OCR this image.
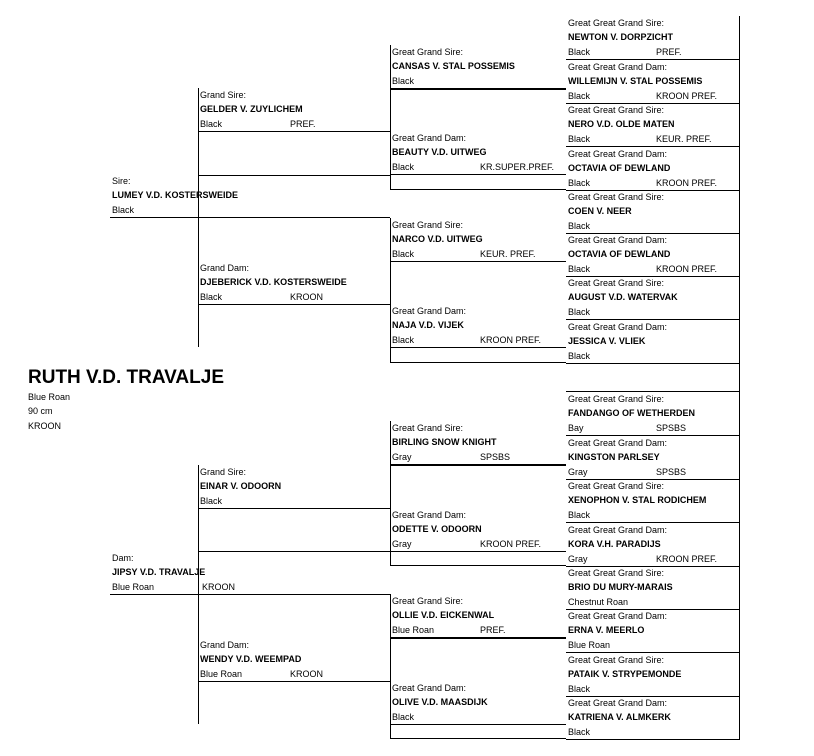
RUTH V.D. TRAVALJE
Blue Roan
90 cm
KROON
Great Great Grand Sire:
NEWTON V. DORPZICHT
Black	PREF.
Great Great Grand Dam:
WILLEMIJN V. STAL POSSEMIS
Black	KROON PREF.
Great Great Grand Sire:
NERO V.D. OLDE MATEN
Black	KEUR. PREF.
Great Great Grand Dam:
OCTAVIA OF DEWLAND
Black	KROON PREF.
Great Great Grand Sire:
COEN V. NEER
Black
Great Great Grand Dam:
OCTAVIA OF DEWLAND
Black	KROON PREF.
Great Great Grand Sire:
AUGUST V.D. WATERVAK
Black
Great Great Grand Dam:
JESSICA V. VLIEK
Black
Great Great Grand Sire:
FANDANGO OF WETHERDEN
Bay	SPSBS
Great Great Grand Dam:
KINGSTON PARLSEY
Gray	SPSBS
Great Great Grand Sire:
XENOPHON V. STAL RODICHEM
Black
Great Great Grand Dam:
KORA V.H. PARADIJS
Gray	KROON PREF.
Great Great Grand Sire:
BRIO DU MURY-MARAIS
Chestnut Roan
Great Great Grand Dam:
ERNA V. MEERLO
Blue Roan
Great Great Grand Sire:
PATAIK V. STRYPEMONDE
Black
Great Great Grand Dam:
KATRIENA V. ALMKERK
Black
Great Grand Sire:
CANSAS V. STAL POSSEMIS
Black
Great Grand Dam:
BEAUTY V.D. UITWEG
Black	KR.SUPER.PREF.
Great Grand Sire:
NARCO V.D. UITWEG
Black	KEUR. PREF.
Great Grand Dam:
NAJA V.D. VIJEK
Black	KROON PREF.
Great Grand Sire:
BIRLING SNOW KNIGHT
Gray	SPSBS
Great Grand Dam:
ODETTE V. ODOORN
Gray	KROON PREF.
Great Grand Sire:
OLLIE V.D. EICKENWAL
Blue Roan	PREF.
Great Grand Dam:
OLIVE V.D. MAASDIJK
Black
Grand Sire:
GELDER V. ZUYLICHEM
Black	PREF.
Grand Dam:
DJEBERICK V.D. KOSTERSWEIDE
Black	KROON
Grand Sire:
EINAR V. ODOORN
Black
Grand Dam:
WENDY V.D. WEEMPAD
Blue Roan	KROON
Sire:
LUMEY V.D. KOSTERSWEIDE
Black
Dam:
JIPSY V.D. TRAVALJE
Blue Roan	KROON
